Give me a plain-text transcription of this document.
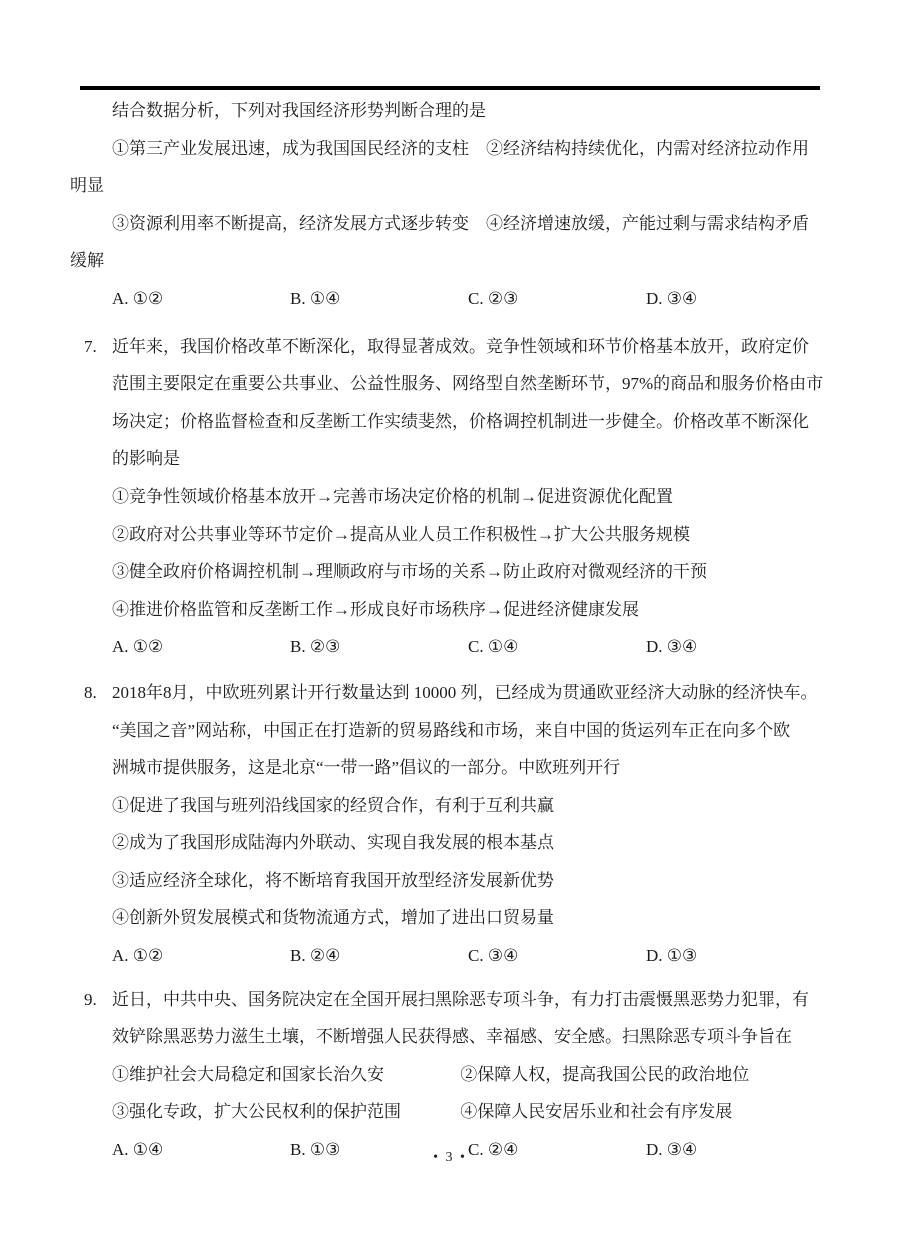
结合数据分析，下列对我国经济形势判断合理的是
①第三产业发展迅速，成为我国国民经济的支柱　②经济结构持续优化，内需对经济拉动作用
明显
③资源利用率不断提高，经济发展方式逐步转变　④经济增速放缓，产能过剩与需求结构矛盾
缓解
A. ①②	B. ①④	C. ②③	D. ③④
7. 近年来，我国价格改革不断深化，取得显著成效。竞争性领域和环节价格基本放开，政府定价
范围主要限定在重要公共事业、公益性服务、网络型自然垄断环节，97%的商品和服务价格由市
场决定；价格监督检查和反垄断工作实绩斐然，价格调控机制进一步健全。价格改革不断深化
的影响是
①竞争性领域价格基本放开→完善市场决定价格的机制→促进资源优化配置
②政府对公共事业等环节定价→提高从业人员工作积极性→扩大公共服务规模
③健全政府价格调控机制→理顺政府与市场的关系→防止政府对微观经济的干预
④推进价格监管和反垄断工作→形成良好市场秩序→促进经济健康发展
A. ①②	B. ②③	C. ①④	D. ③④
8. 2018年8月，中欧班列累计开行数量达到 10000 列，已经成为贯通欧亚经济大动脉的经济快车。
“美国之音”网站称，中国正在打造新的贸易路线和市场，来自中国的货运列车正在向多个欧
洲城市提供服务，这是北京“一带一路”倡议的一部分。中欧班列开行
①促进了我国与班列沿线国家的经贸合作，有利于互利共赢
②成为了我国形成陆海内外联动、实现自我发展的根本基点
③适应经济全球化，将不断培育我国开放型经济发展新优势
④创新外贸发展模式和货物流通方式，增加了进出口贸易量
A. ①②	B. ②④	C. ③④	D. ①③
9. 近日，中共中央、国务院决定在全国开展扫黑除恶专项斗争，有力打击震慑黑恶势力犯罪，有
效铲除黑恶势力滋生土壤，不断增强人民获得感、幸福感、安全感。扫黑除恶专项斗争旨在
①维护社会大局稳定和国家长治久安	②保障人权，提高我国公民的政治地位
③强化专政，扩大公民权利的保护范围	④保障人民安居乐业和社会有序发展
A. ①④	B. ①③	C. ②④	D. ③④
• 3 •
